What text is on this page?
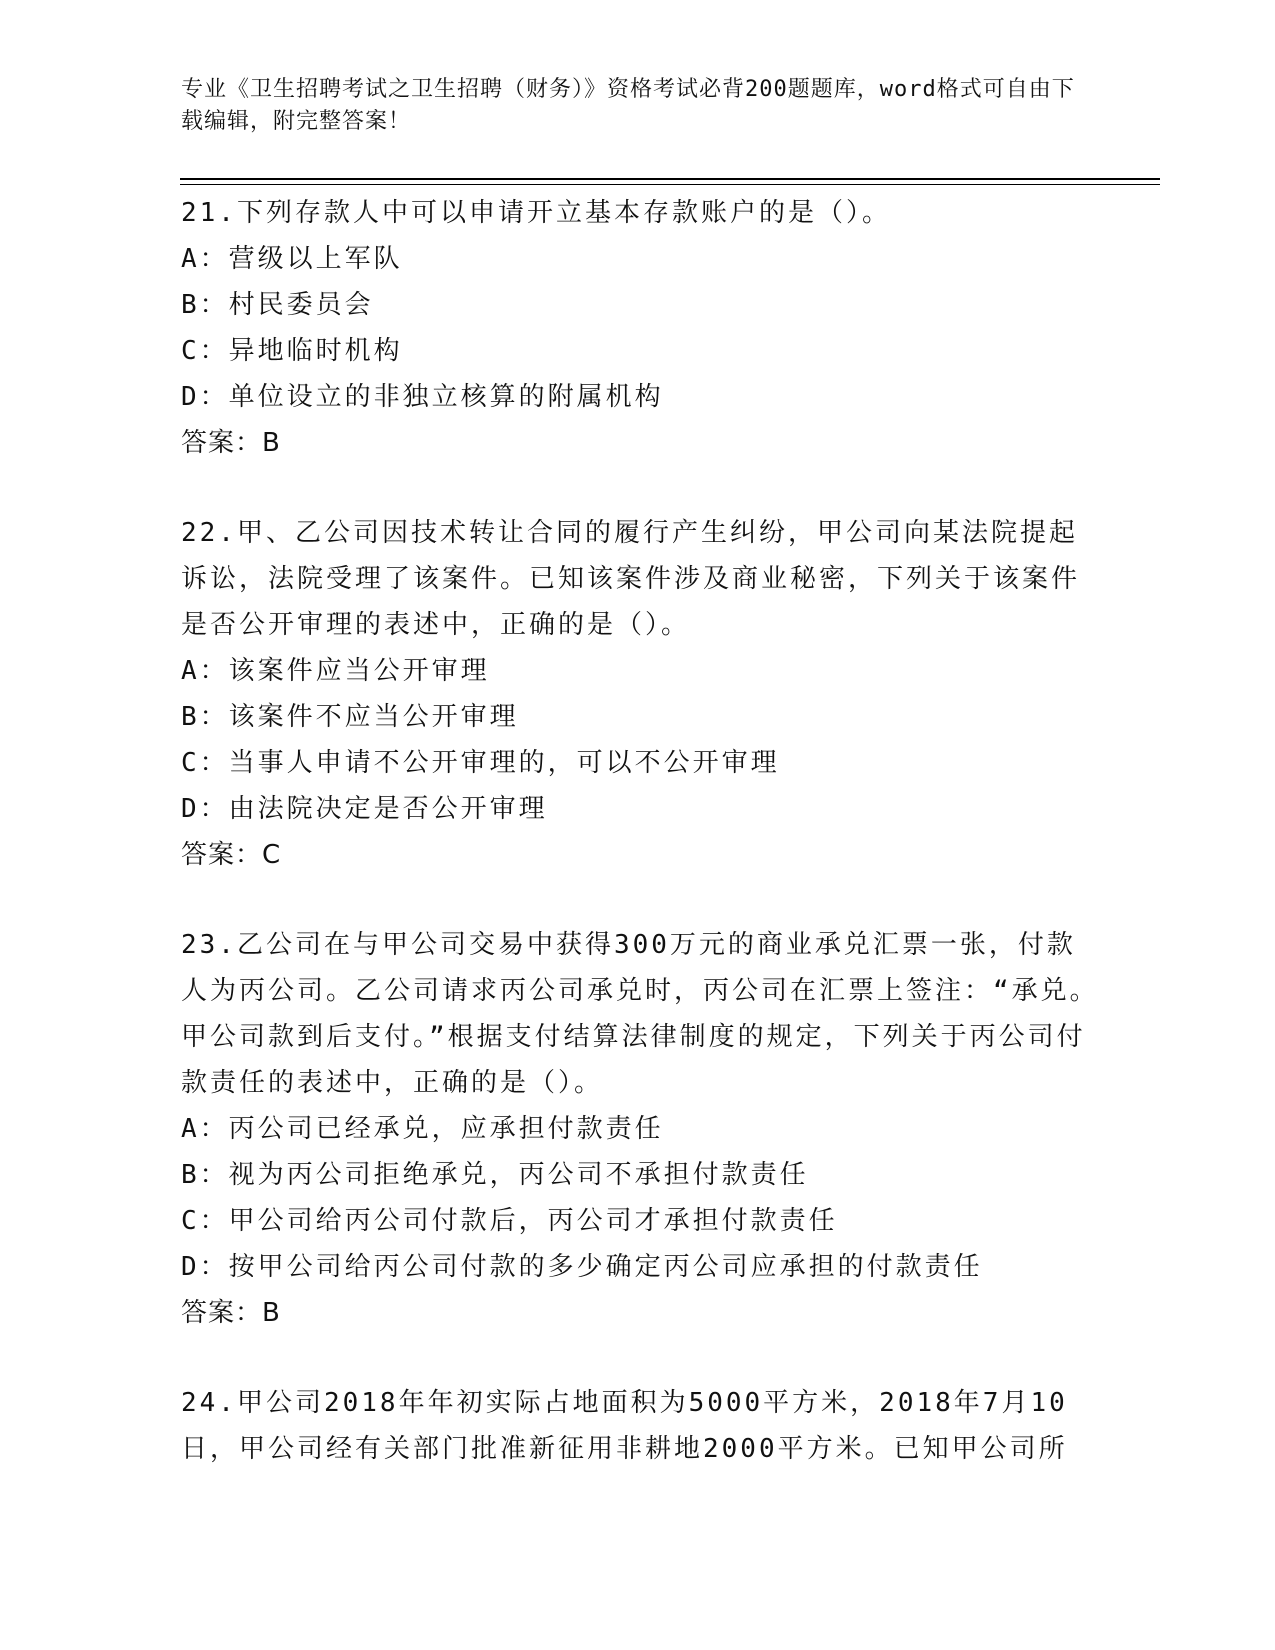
专业《卫生招聘考试之卫生招聘（财务）》资格考试必背200题题库，word格式可自由下载编辑，附完整答案！

21.下列存款人中可以申请开立基本存款账户的是（）。

A：营级以上军队

B：村民委员会

C：异地临时机构

D：单位设立的非独立核算的附属机构

答案：B

22.甲、乙公司因技术转让合同的履行产生纠纷，甲公司向某法院提起诉讼，法院受理了该案件。已知该案件涉及商业秘密，下列关于该案件是否公开审理的表述中，正确的是（）。

A：该案件应当公开审理

B：该案件不应当公开审理

C：当事人申请不公开审理的，可以不公开审理

D：由法院决定是否公开审理

答案：C

23.乙公司在与甲公司交易中获得300万元的商业承兑汇票一张，付款人为丙公司。乙公司请求丙公司承兑时，丙公司在汇票上签注：“承兑。甲公司款到后支付。”根据支付结算法律制度的规定，下列关于丙公司付款责任的表述中，正确的是（）。

A：丙公司已经承兑，应承担付款责任

B：视为丙公司拒绝承兑，丙公司不承担付款责任

C：甲公司给丙公司付款后，丙公司才承担付款责任

D：按甲公司给丙公司付款的多少确定丙公司应承担的付款责任

答案：B

24.甲公司2018年年初实际占地面积为5000平方米，2018年7月10日，甲公司经有关部门批准新征用非耕地2000平方米。已知甲公司所
